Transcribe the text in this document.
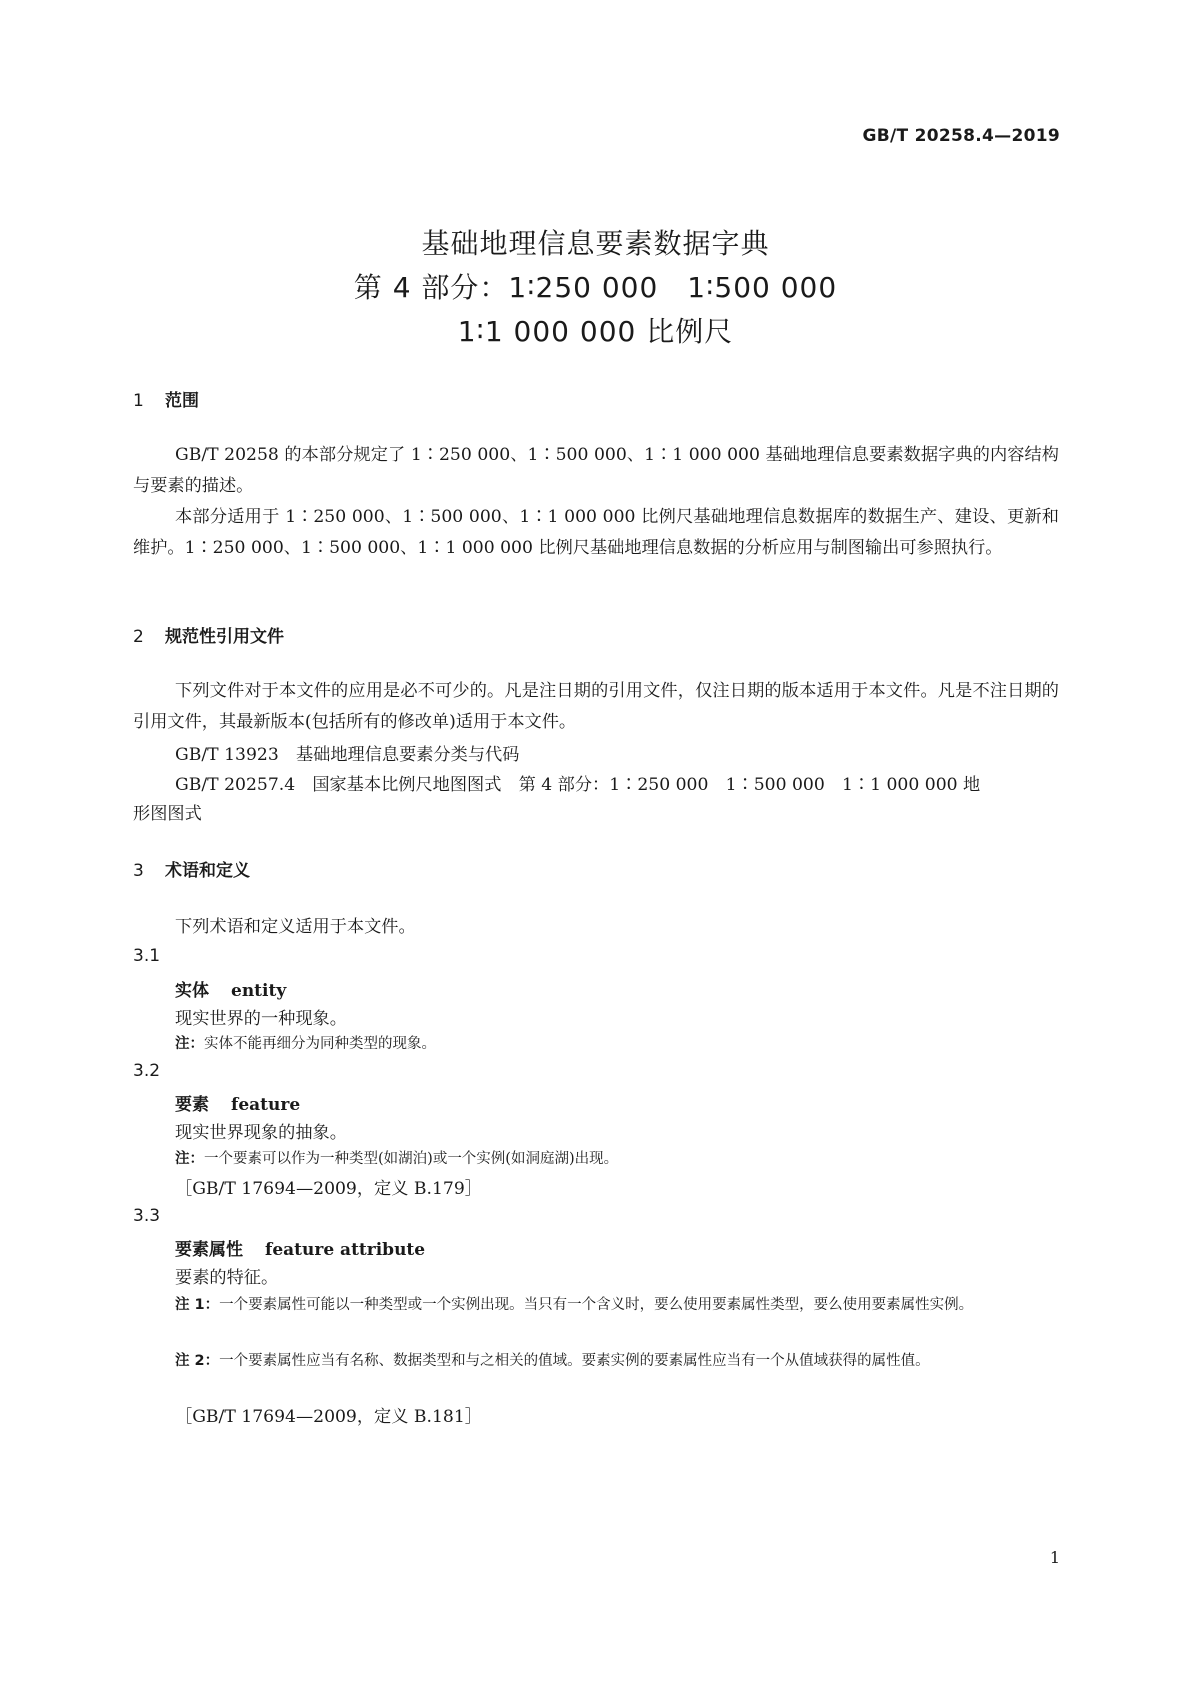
GB/T 20258.4—2019
基础地理信息要素数据字典
第 4 部分：1∶250 000　1∶500 000
1∶1 000 000 比例尺
1 范围
GB/T 20258 的本部分规定了 1∶250 000、1∶500 000、1∶1 000 000 基础地理信息要素数据字典的内容结构与要素的描述。
本部分适用于 1∶250 000、1∶500 000、1∶1 000 000 比例尺基础地理信息数据库的数据生产、建设、更新和维护。1∶250 000、1∶500 000、1∶1 000 000 比例尺基础地理信息数据的分析应用与制图输出可参照执行。
2 规范性引用文件
下列文件对于本文件的应用是必不可少的。凡是注日期的引用文件，仅注日期的版本适用于本文件。凡是不注日期的引用文件，其最新版本(包括所有的修改单)适用于本文件。
GB/T 13923　基础地理信息要素分类与代码
GB/T 20257.4　国家基本比例尺地图图式　第 4 部分：1∶250 000　1∶500 000　1∶1 000 000 地
形图图式
3 术语和定义
下列术语和定义适用于本文件。
3.1
实体 entity
现实世界的一种现象。
注：实体不能再细分为同种类型的现象。
3.2
要素 feature
现实世界现象的抽象。
注：一个要素可以作为一种类型(如湖泊)或一个实例(如洞庭湖)出现。
［GB/T 17694—2009，定义 B.179］
3.3
要素属性 feature attribute
要素的特征。
注 1：一个要素属性可能以一种类型或一个实例出现。当只有一个含义时，要么使用要素属性类型，要么使用要素属性实例。
注 2：一个要素属性应当有名称、数据类型和与之相关的值域。要素实例的要素属性应当有一个从值域获得的属性值。
［GB/T 17694—2009，定义 B.181］
1
